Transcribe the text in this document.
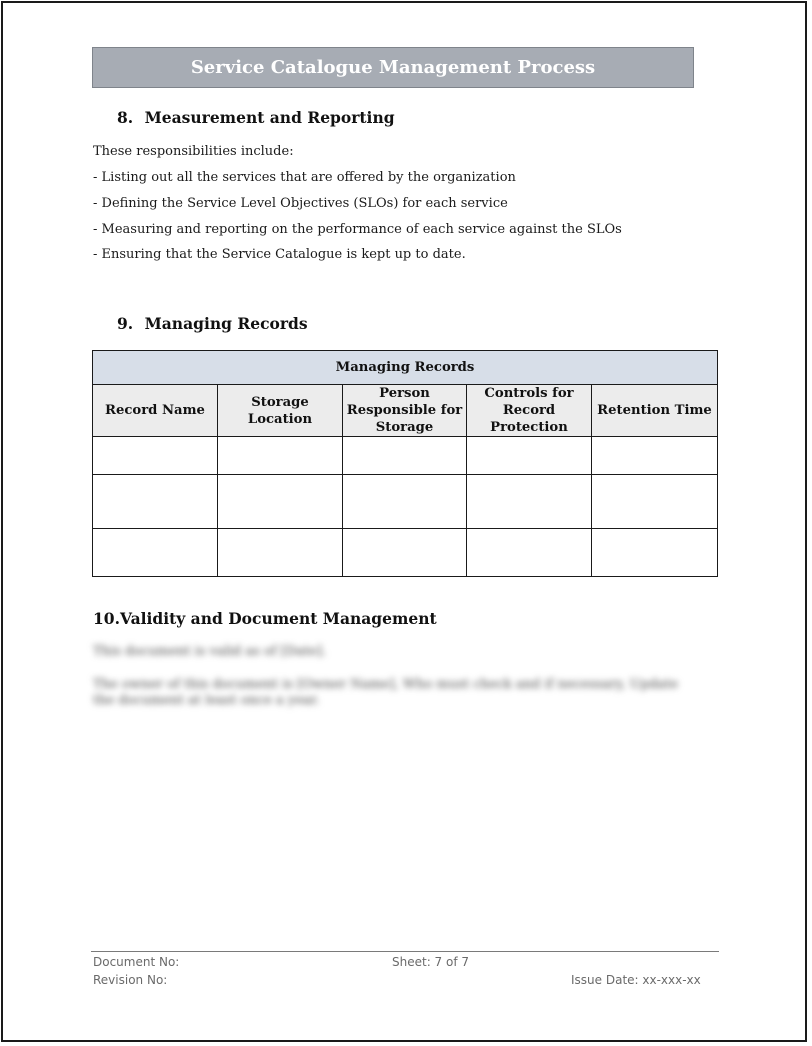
Service Catalogue Management Process
8. Measurement and Reporting
These responsibilities include:
- Listing out all the services that are offered by the organization
- Defining the Service Level Objectives (SLOs) for each service
- Measuring and reporting on the performance of each service against the SLOs
- Ensuring that the Service Catalogue is kept up to date.
9. Managing Records
Managing Records				
Record Name	Storage Location	Person Responsible for Storage	Controls for Record Protection	Retention Time

10.Validity and Document Management
This document is valid as of [Date].
The owner of this document is [Owner Name], Who must check and if necessary, Update the document at least once a year.
Document No:
Revision No:
Sheet: 7 of 7
Issue Date: xx-xxx-xx
